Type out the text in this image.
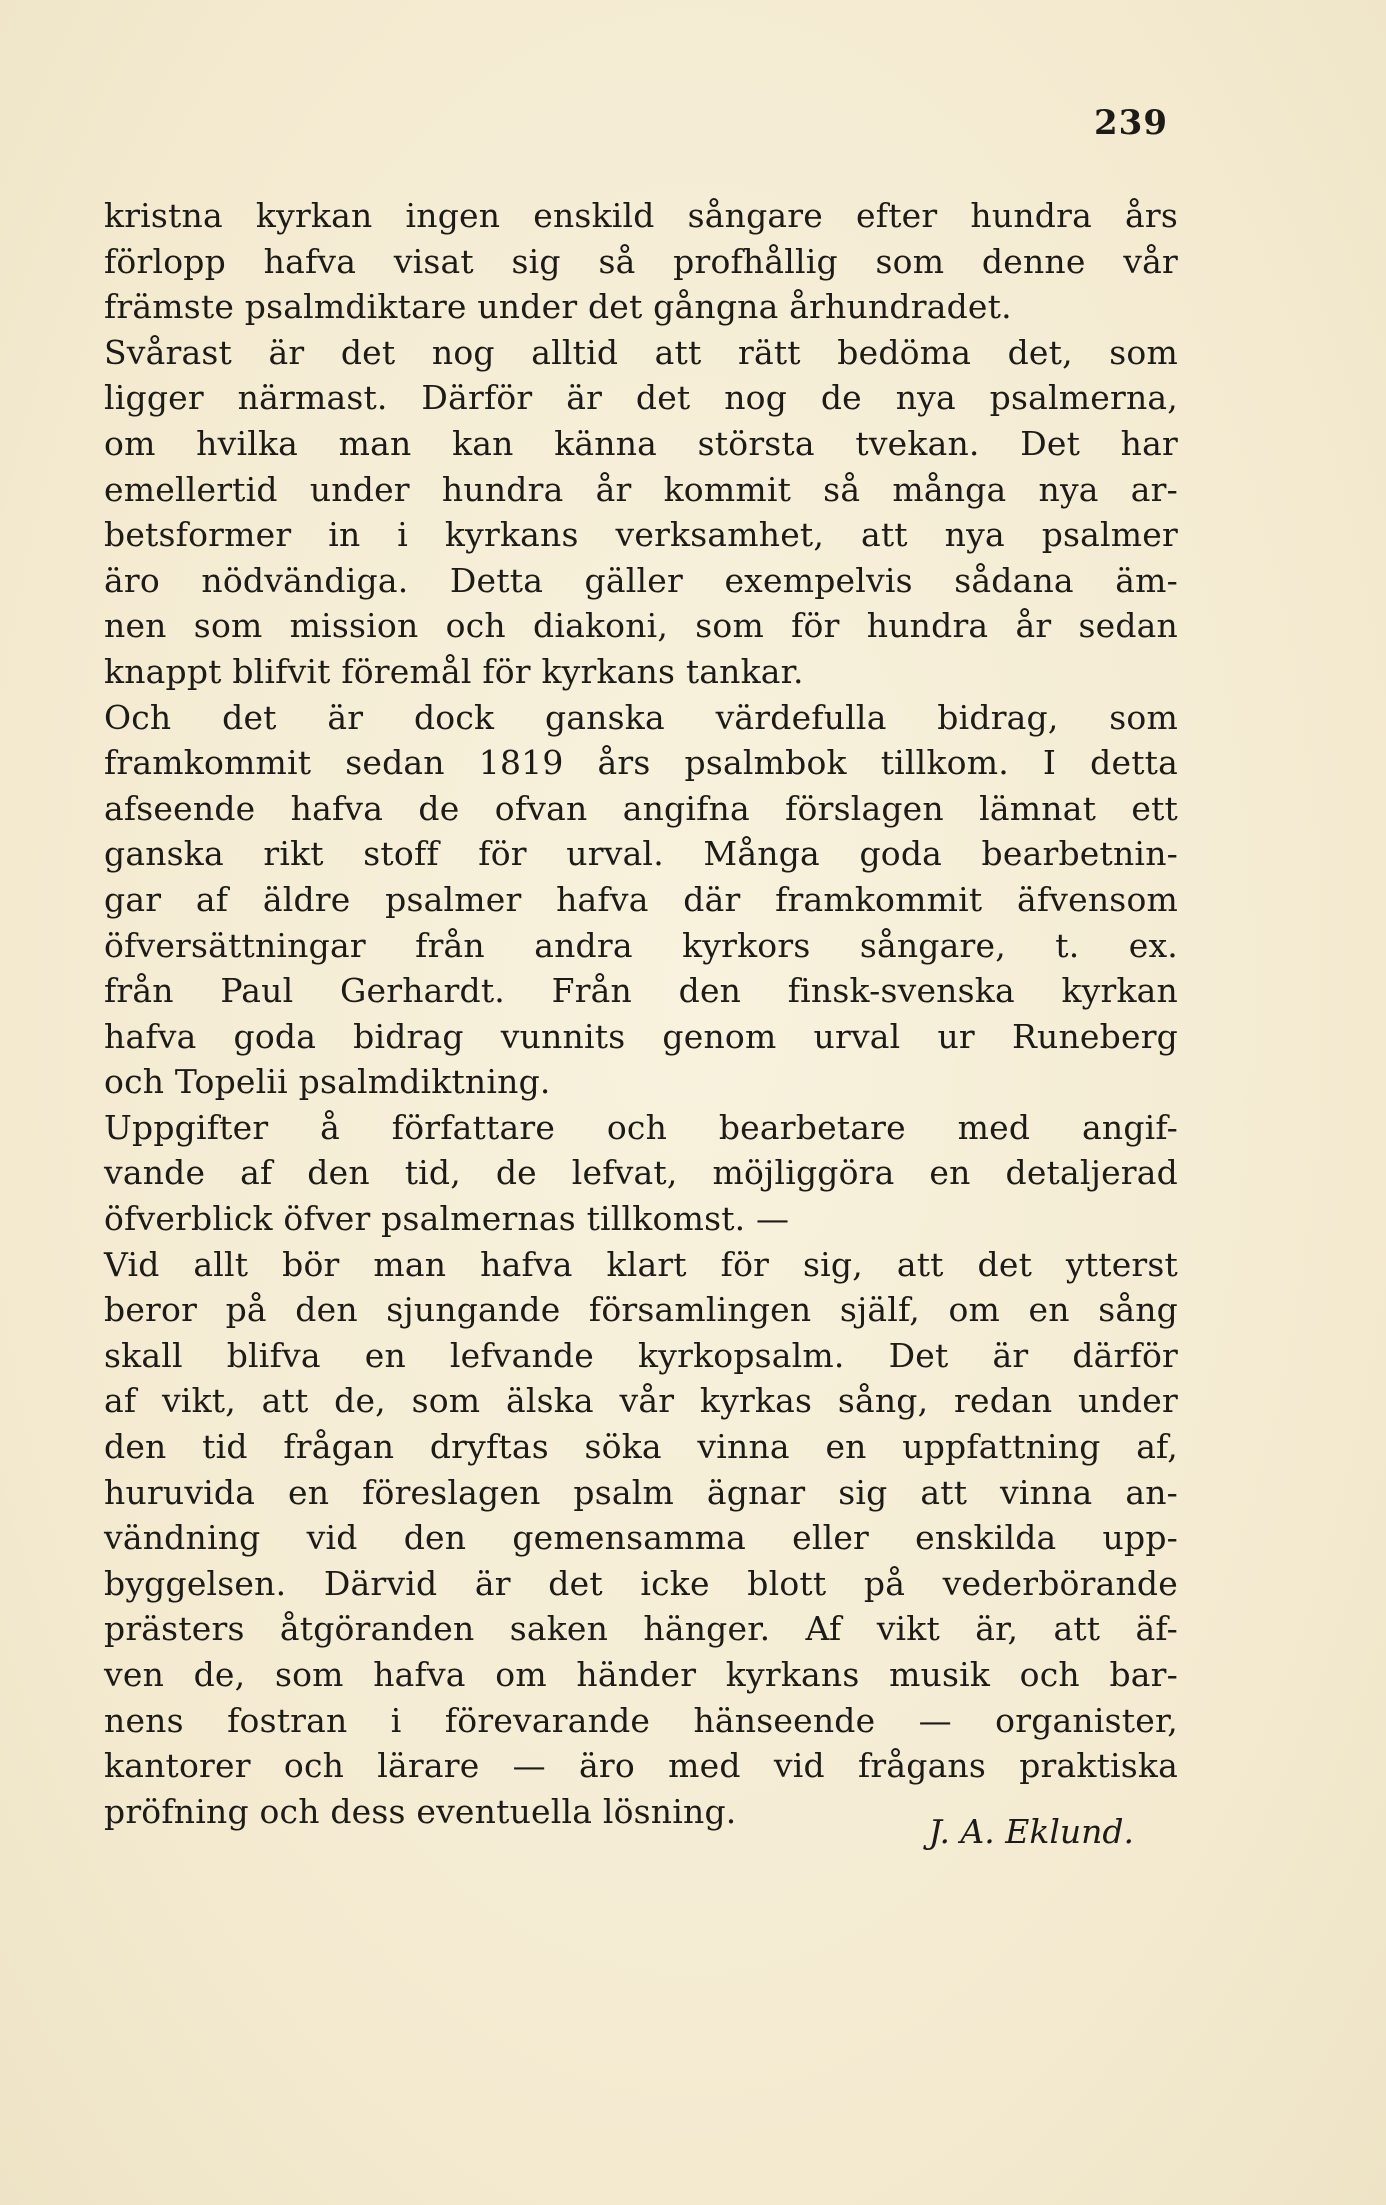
239
kristna kyrkan ingen enskild sångare efter hundra års
förlopp hafva visat sig så profhållig som denne vår
främste psalmdiktare under det gångna århundradet.
Svårast är det nog alltid att rätt bedöma det, som
ligger närmast. Därför är det nog de nya psalmerna,
om hvilka man kan känna största tvekan. Det har
emellertid under hundra år kommit så många nya ar-
betsformer in i kyrkans verksamhet, att nya psalmer
äro nödvändiga. Detta gäller exempelvis sådana äm-
nen som mission och diakoni, som för hundra år sedan
knappt blifvit föremål för kyrkans tankar.
Och det är dock ganska värdefulla bidrag, som
framkommit sedan 1819 års psalmbok tillkom. I detta
afseende hafva de ofvan angifna förslagen lämnat ett
ganska rikt stoff för urval. Många goda bearbetnin-
gar af äldre psalmer hafva där framkommit äfvensom
öfversättningar från andra kyrkors sångare, t. ex.
från Paul Gerhardt. Från den finsk-svenska kyrkan
hafva goda bidrag vunnits genom urval ur Runeberg
och Topelii psalmdiktning.
Uppgifter å författare och bearbetare med angif-
vande af den tid, de lefvat, möjliggöra en detaljerad
öfverblick öfver psalmernas tillkomst. —
Vid allt bör man hafva klart för sig, att det ytterst
beror på den sjungande församlingen själf, om en sång
skall blifva en lefvande kyrkopsalm. Det är därför
af vikt, att de, som älska vår kyrkas sång, redan under
den tid frågan dryftas söka vinna en uppfattning af,
huruvida en föreslagen psalm ägnar sig att vinna an-
vändning vid den gemensamma eller enskilda upp-
byggelsen. Därvid är det icke blott på vederbörande
prästers åtgöranden saken hänger. Af vikt är, att äf-
ven de, som hafva om händer kyrkans musik och bar-
nens fostran i förevarande hänseende — organister,
kantorer och lärare — äro med vid frågans praktiska
pröfning och dess eventuella lösning.
J. A. Eklund.
